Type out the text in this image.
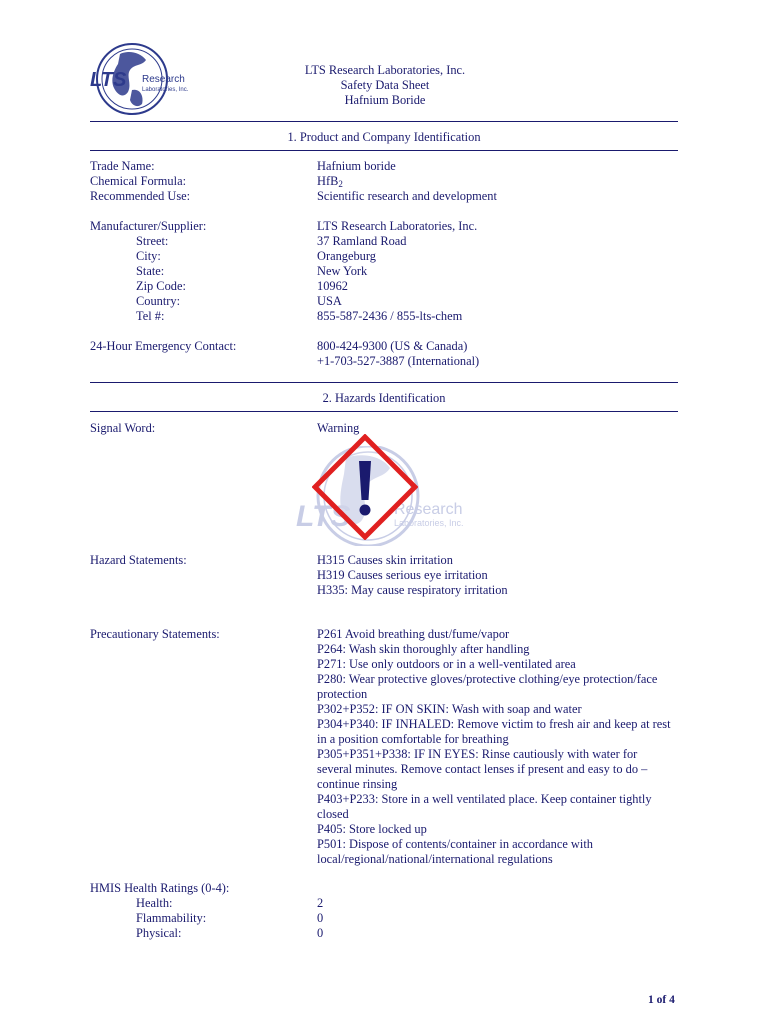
LTS Research
Laboratories, Inc.
LTS Research Laboratories, Inc.
Safety Data Sheet
Hafnium Boride
1. Product and Company Identification
Trade Name:	Hafnium boride
Chemical Formula:	HfB$_2$
Recommended Use:	Scientific research and development
Manufacturer/Supplier:	LTS Research Laboratories, Inc.
Street:	37 Ramland Road
City:	Orangeburg
State:	New York
Zip Code:	10962
Country:	USA
Tel #:	855-587-2436 / 855-lts-chem
24-Hour Emergency Contact:	800-424-9300 (US & Canada)
+1-703-527-3887 (International)
2. Hazards Identification
Signal Word:	Warning
LTS	Research
Laboratories, Inc.
Hazard Statements:	H315 Causes skin irritation
H319 Causes serious eye irritation
H335: May cause respiratory irritation
Precautionary Statements:	P261 Avoid breathing dust/fume/vapor
P264: Wash skin thoroughly after handling
P271: Use only outdoors or in a well-ventilated area
P280: Wear protective gloves/protective clothing/eye protection/face
protection
P302+P352: IF ON SKIN: Wash with soap and water
P304+P340: IF INHALED: Remove victim to fresh air and keep at rest
in a position comfortable for breathing
P305+P351+P338: IF IN EYES: Rinse cautiously with water for
several minutes. Remove contact lenses if present and easy to do –
continue rinsing
P403+P233: Store in a well ventilated place. Keep container tightly
closed
P405: Store locked up
P501: Dispose of contents/container in accordance with
local/regional/national/international regulations
HMIS Health Ratings (0-4):
Health:	2
Flammability:	0
Physical:	0
1 of 4
